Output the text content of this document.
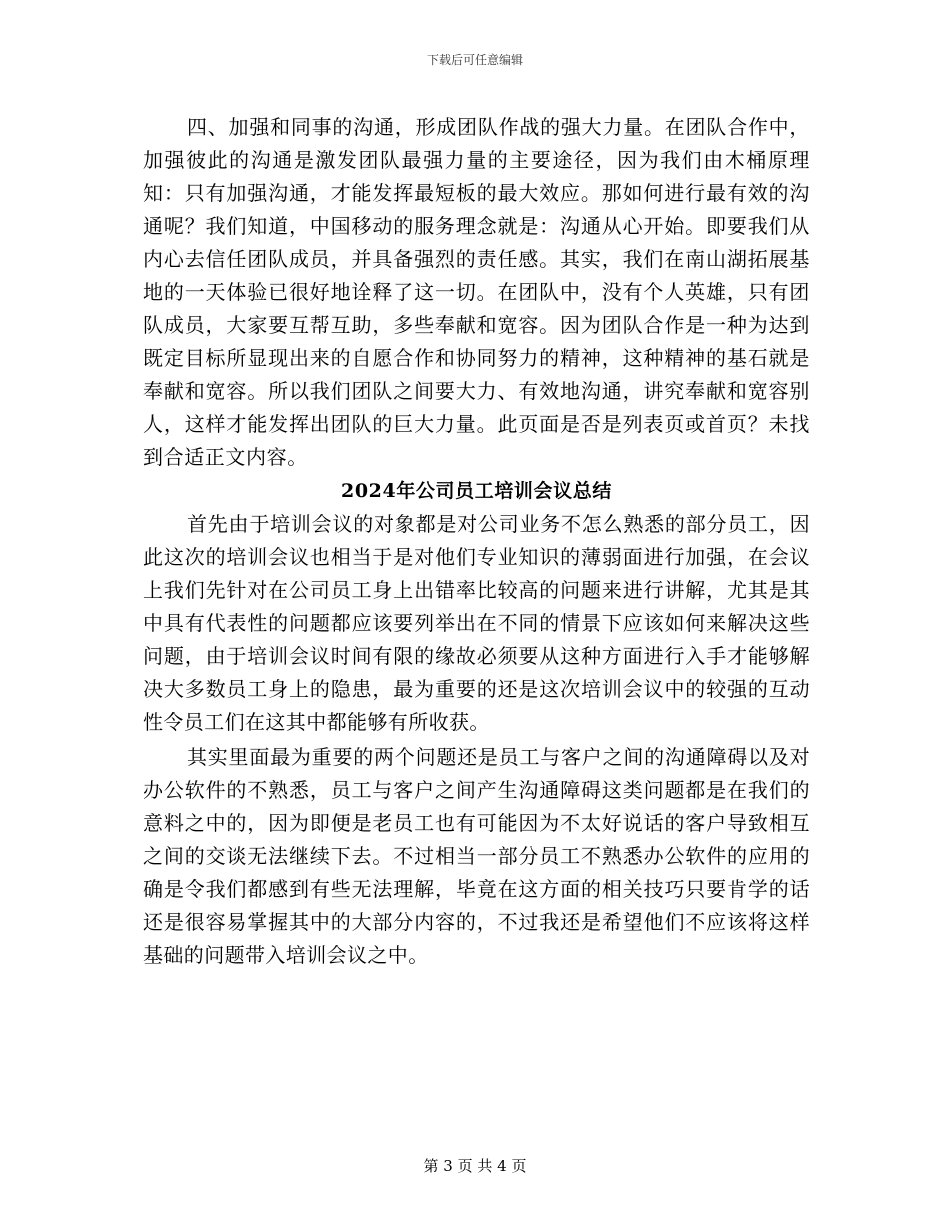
下载后可任意编辑

四、加强和同事的沟通，形成团队作战的强大力量。在团队合作中，加强彼此的沟通是激发团队最强力量的主要途径，因为我们由木桶原理知：只有加强沟通，才能发挥最短板的最大效应。那如何进行最有效的沟通呢？我们知道，中国移动的服务理念就是：沟通从心开始。即要我们从内心去信任团队成员，并具备强烈的责任感。其实，我们在南山湖拓展基地的一天体验已很好地诠释了这一切。在团队中，没有个人英雄，只有团队成员，大家要互帮互助，多些奉献和宽容。因为团队合作是一种为达到既定目标所显现出来的自愿合作和协同努力的精神，这种精神的基石就是奉献和宽容。所以我们团队之间要大力、有效地沟通，讲究奉献和宽容别人，这样才能发挥出团队的巨大力量。此页面是否是列表页或首页？未找到合适正文内容。

2024年公司员工培训会议总结

首先由于培训会议的对象都是对公司业务不怎么熟悉的部分员工，因此这次的培训会议也相当于是对他们专业知识的薄弱面进行加强，在会议上我们先针对在公司员工身上出错率比较高的问题来进行讲解，尤其是其中具有代表性的问题都应该要列举出在不同的情景下应该如何来解决这些问题，由于培训会议时间有限的缘故必须要从这种方面进行入手才能够解决大多数员工身上的隐患，最为重要的还是这次培训会议中的较强的互动性令员工们在这其中都能够有所收获。

其实里面最为重要的两个问题还是员工与客户之间的沟通障碍以及对办公软件的不熟悉，员工与客户之间产生沟通障碍这类问题都是在我们的意料之中的，因为即便是老员工也有可能因为不太好说话的客户导致相互之间的交谈无法继续下去。不过相当一部分员工不熟悉办公软件的应用的确是令我们都感到有些无法理解，毕竟在这方面的相关技巧只要肯学的话还是很容易掌握其中的大部分内容的，不过我还是希望他们不应该将这样基础的问题带入培训会议之中。

第 3 页 共 4 页
